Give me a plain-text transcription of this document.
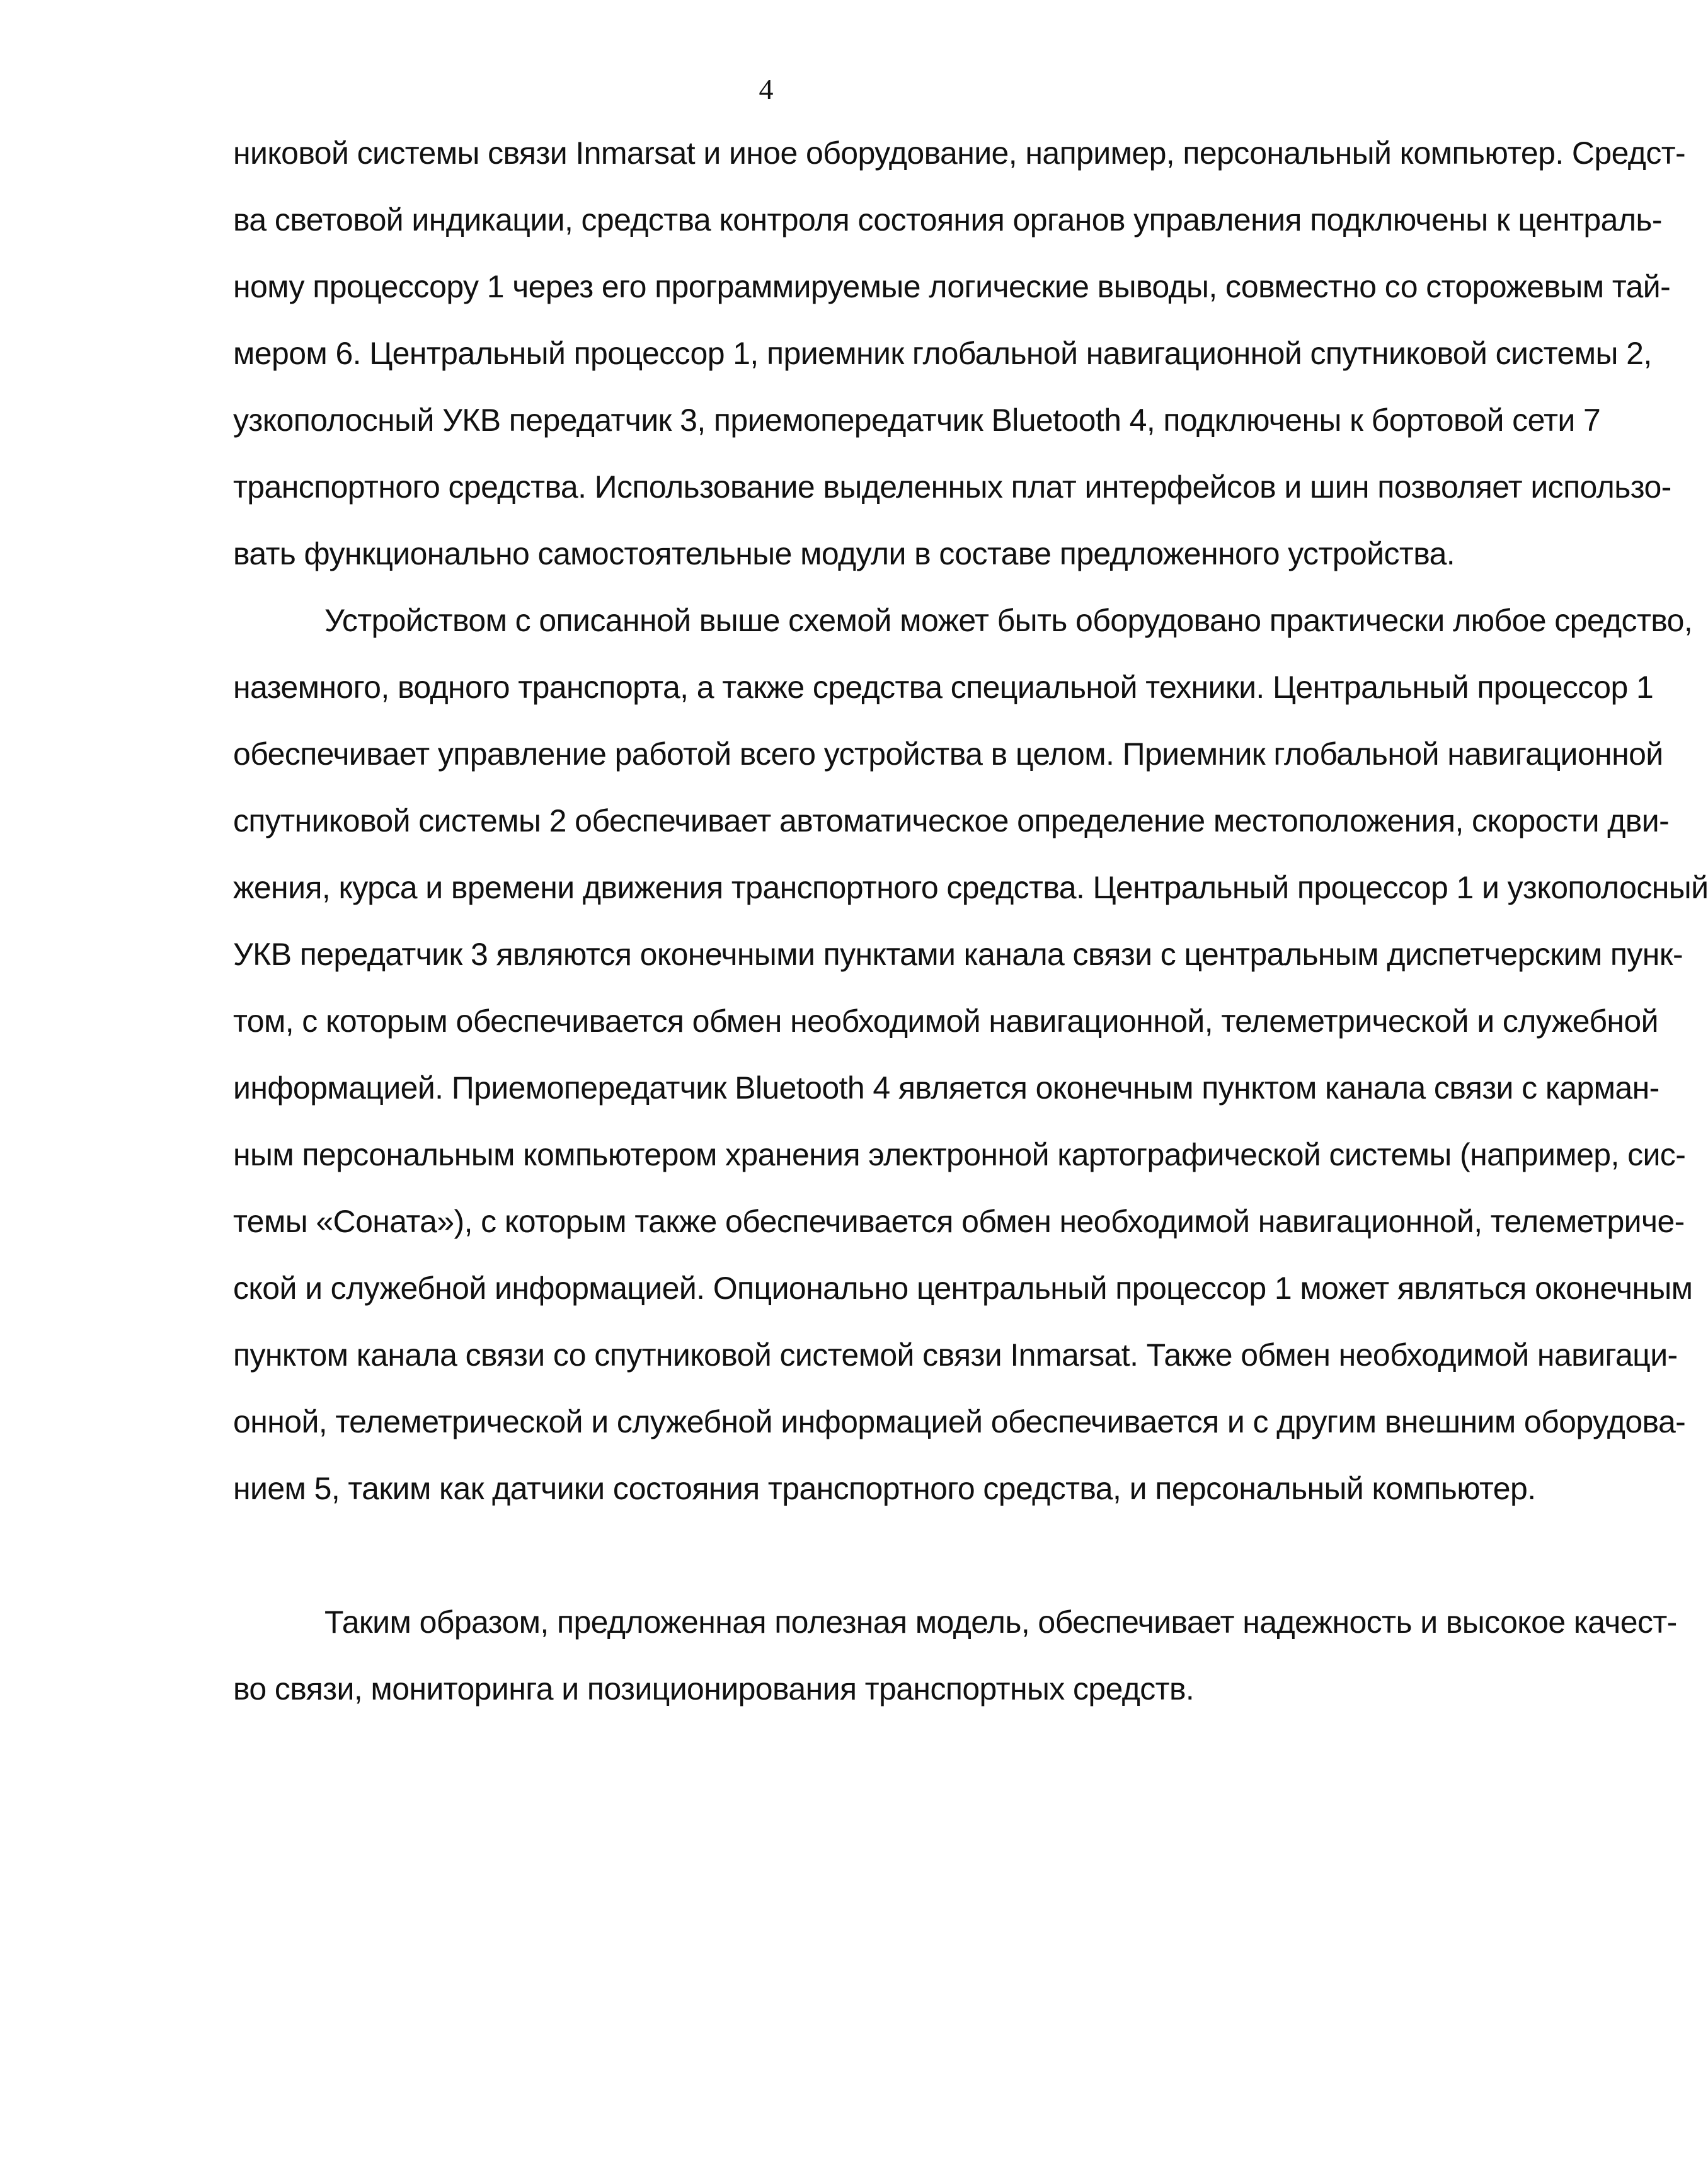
4
никовой системы связи Inmarsat и иное оборудование, например, персональный компьютер. Средст-
ва световой индикации, средства контроля состояния органов управления подключены к централь-
ному процессору 1 через его программируемые логические выводы, совместно со сторожевым тай-
мером 6. Центральный процессор 1, приемник глобальной навигационной спутниковой системы 2,
узкополосный УКВ передатчик 3, приемопередатчик Bluetooth 4, подключены к бортовой сети 7
транспортного средства. Использование выделенных плат интерфейсов и шин позволяет использо-
вать функционально самостоятельные модули в составе предложенного устройства.
Устройством с описанной выше схемой может быть оборудовано практически любое средство,
наземного, водного транспорта, а также средства специальной техники. Центральный процессор 1
обеспечивает управление работой всего устройства в целом. Приемник глобальной навигационной
спутниковой системы 2 обеспечивает автоматическое определение местоположения, скорости дви-
жения, курса и времени движения транспортного средства. Центральный процессор 1 и узкополосный
УКВ передатчик 3 являются оконечными пунктами канала связи с центральным диспетчерским пунк-
том, с которым обеспечивается обмен необходимой навигационной, телеметрической и служебной
информацией. Приемопередатчик Bluetooth 4 является оконечным пунктом канала связи с карман-
ным персональным компьютером хранения электронной картографической системы (например, сис-
темы «Соната»), с которым также обеспечивается обмен необходимой навигационной, телеметриче-
ской и служебной информацией. Опционально центральный процессор 1 может являться оконечным
пунктом канала связи со спутниковой системой связи Inmarsat. Также обмен необходимой навигаци-
онной, телеметрической и служебной информацией обеспечивается и с другим внешним оборудова-
нием 5, таким как датчики состояния транспортного средства, и персональный компьютер.
Таким образом, предложенная полезная модель, обеспечивает надежность и высокое качест-
во связи, мониторинга и позиционирования транспортных средств.
